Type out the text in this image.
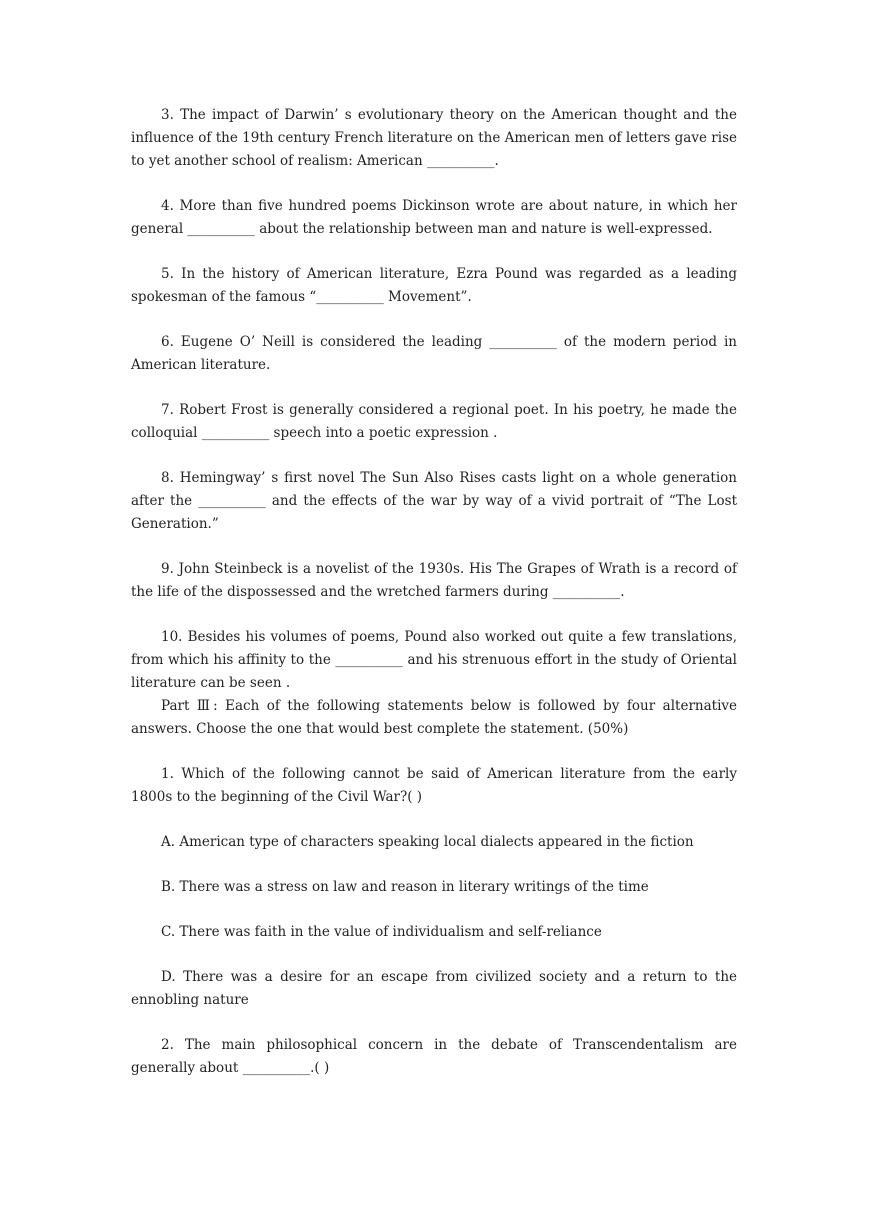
3. The impact of Darwin’ s evolutionary theory on the American thought and the influence of the 19th century French literature on the American men of letters gave rise to yet another school of realism: American __________.

4. More than five hundred poems Dickinson wrote are about nature, in which her general __________ about the relationship between man and nature is well-expressed.

5. In the history of American literature, Ezra Pound was regarded as a leading spokesman of the famous “__________ Movement”.

6. Eugene O’ Neill is considered the leading __________ of the modern period in American literature.

7. Robert Frost is generally considered a regional poet. In his poetry, he made the colloquial __________ speech into a poetic expression .

8. Hemingway’ s first novel The Sun Also Rises casts light on a whole generation after the __________ and the effects of the war by way of a vivid portrait of “The Lost Generation.”

9. John Steinbeck is a novelist of the 1930s. His The Grapes of Wrath is a record of the life of the dispossessed and the wretched farmers during __________.

10. Besides his volumes of poems, Pound also worked out quite a few translations, from which his affinity to the __________ and his strenuous effort in the study of Oriental literature can be seen .

Part Ⅲ: Each of the following statements below is followed by four alternative answers. Choose the one that would best complete the statement. (50%)

1. Which of the following cannot be said of American literature from the early 1800s to the beginning of the Civil War?( )

A. American type of characters speaking local dialects appeared in the fiction

B. There was a stress on law and reason in literary writings of the time

C. There was faith in the value of individualism and self-reliance

D. There was a desire for an escape from civilized society and a return to the ennobling nature

2. The main philosophical concern in the debate of Transcendentalism are generally about __________.( )
